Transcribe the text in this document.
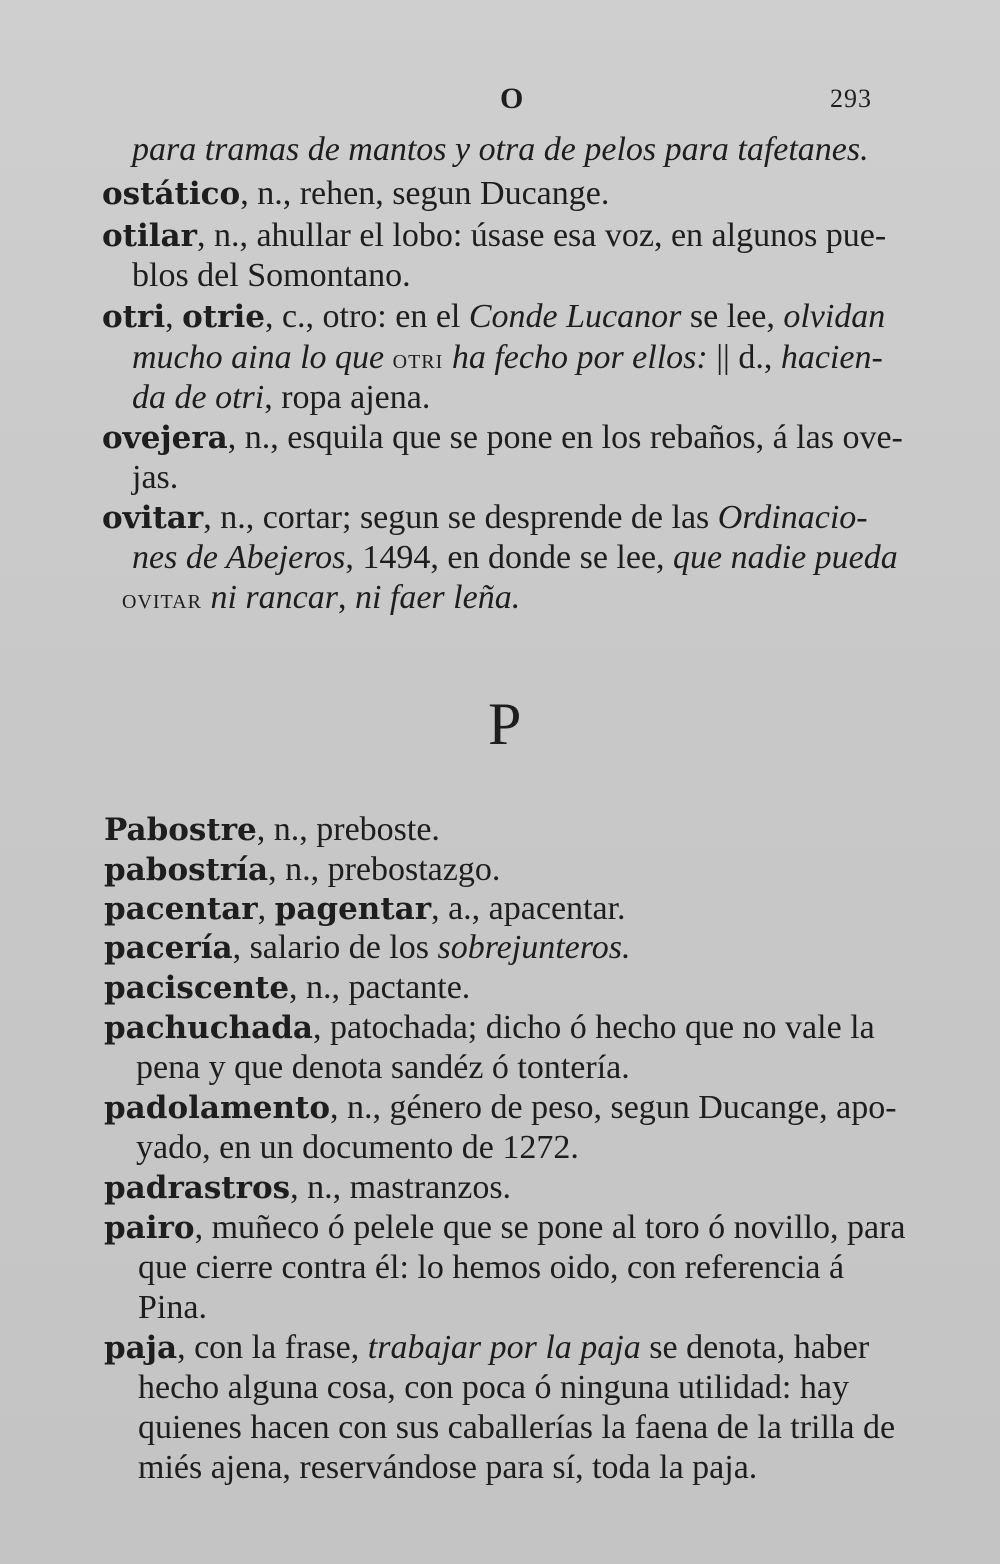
O	293
para tramas de mantos y otra de pelos para tafetanes.
ostático, n., rehen, segun Ducange.
otilar, n., ahullar el lobo: úsase esa voz, en algunos pue-
blos del Somontano.
otri, otrie, c., otro: en el Conde Lucanor se lee, olvidan
mucho aina lo que otri ha fecho por ellos: || d., hacien-
da de otri, ropa ajena.
ovejera, n., esquila que se pone en los rebaños, á las ove-
jas.
ovitar, n., cortar; segun se desprende de las Ordinacio-
nes de Abejeros, 1494, en donde se lee, que nadie pueda
ovitar ni rancar, ni faer leña.
P
Pabostre, n., preboste.
pabostría, n., prebostazgo.
pacentar, pagentar, a., apacentar.
pacería, salario de los sobrejunteros.
paciscente, n., pactante.
pachuchada, patochada; dicho ó hecho que no vale la
pena y que denota sandéz ó tontería.
padolamento, n., género de peso, segun Ducange, apo-
yado, en un documento de 1272.
padrastros, n., mastranzos.
pairo, muñeco ó pelele que se pone al toro ó novillo, para
que cierre contra él: lo hemos oido, con referencia á
Pina.
paja, con la frase, trabajar por la paja se denota, haber
hecho alguna cosa, con poca ó ninguna utilidad: hay
quienes hacen con sus caballerías la faena de la trilla de
miés ajena, reservándose para sí, toda la paja.
